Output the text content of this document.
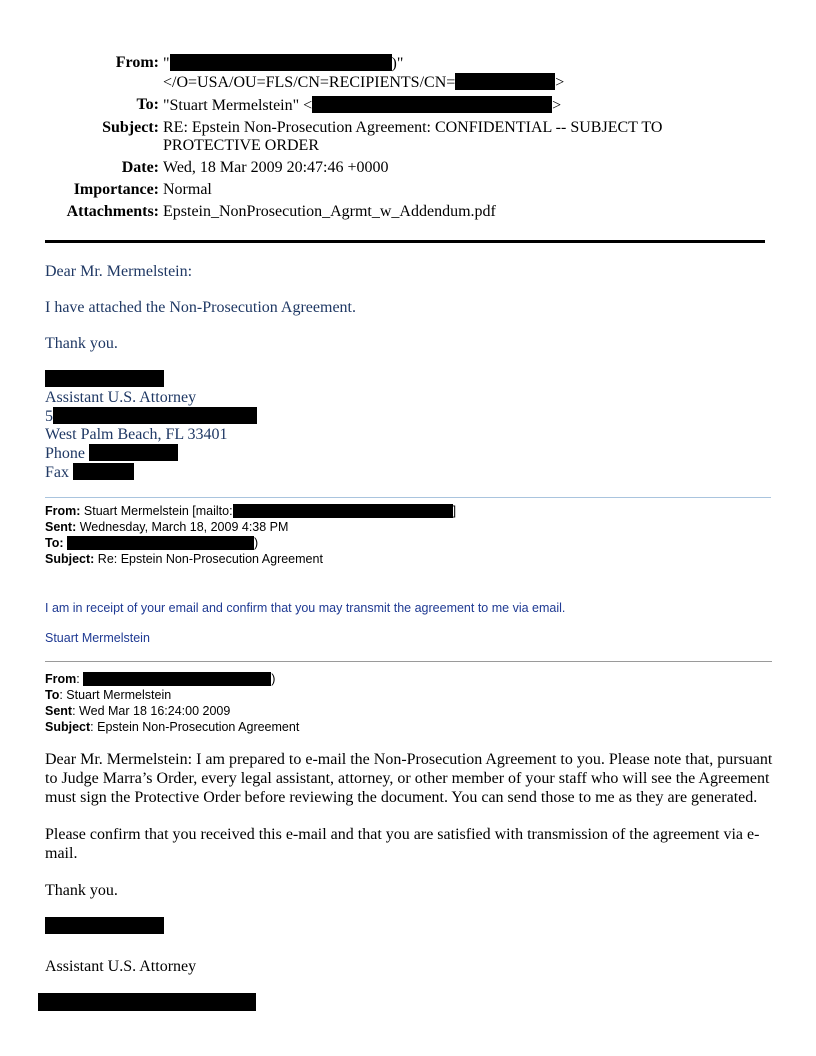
From: "	)"
</O=USA/OU=FLS/CN=RECIPIENTS/CN=	>
To: "Stuart Mermelstein" <	>
Subject: RE: Epstein Non-Prosecution Agreement: CONFIDENTIAL -- SUBJECT TO
PROTECTIVE ORDER
Date: Wed, 18 Mar 2009 20:47:46 +0000
Importance: Normal
Attachments: Epstein_NonProsecution_Agrmt_w_Addendum.pdf

Dear Mr. Mermelstein:

I have attached the Non-Prosecution Agreement.

Thank you.

Assistant U.S. Attorney
5
West Palm Beach, FL 33401
Phone
Fax
From: Stuart Mermelstein [mailto:	]
Sent: Wednesday, March 18, 2009 4:38 PM
To:	)
Subject: Re: Epstein Non-Prosecution Agreement

I am in receipt of your email and confirm that you may transmit the agreement to me via email.

Stuart Mermelstein

From:	)
To: Stuart Mermelstein
Sent: Wed Mar 18 16:24:00 2009
Subject: Epstein Non-Prosecution Agreement

Dear Mr. Mermelstein: I am prepared to e-mail the Non-Prosecution Agreement to you. Please note that, pursuant to Judge Marra’s Order, every legal assistant, attorney, or other member of your staff who will see the Agreement must sign the Protective Order before reviewing the document. You can send those to me as they are generated.

Please confirm that you received this e-mail and that you are satisfied with transmission of the agreement via e-mail.

Thank you.

Assistant U.S. Attorney
